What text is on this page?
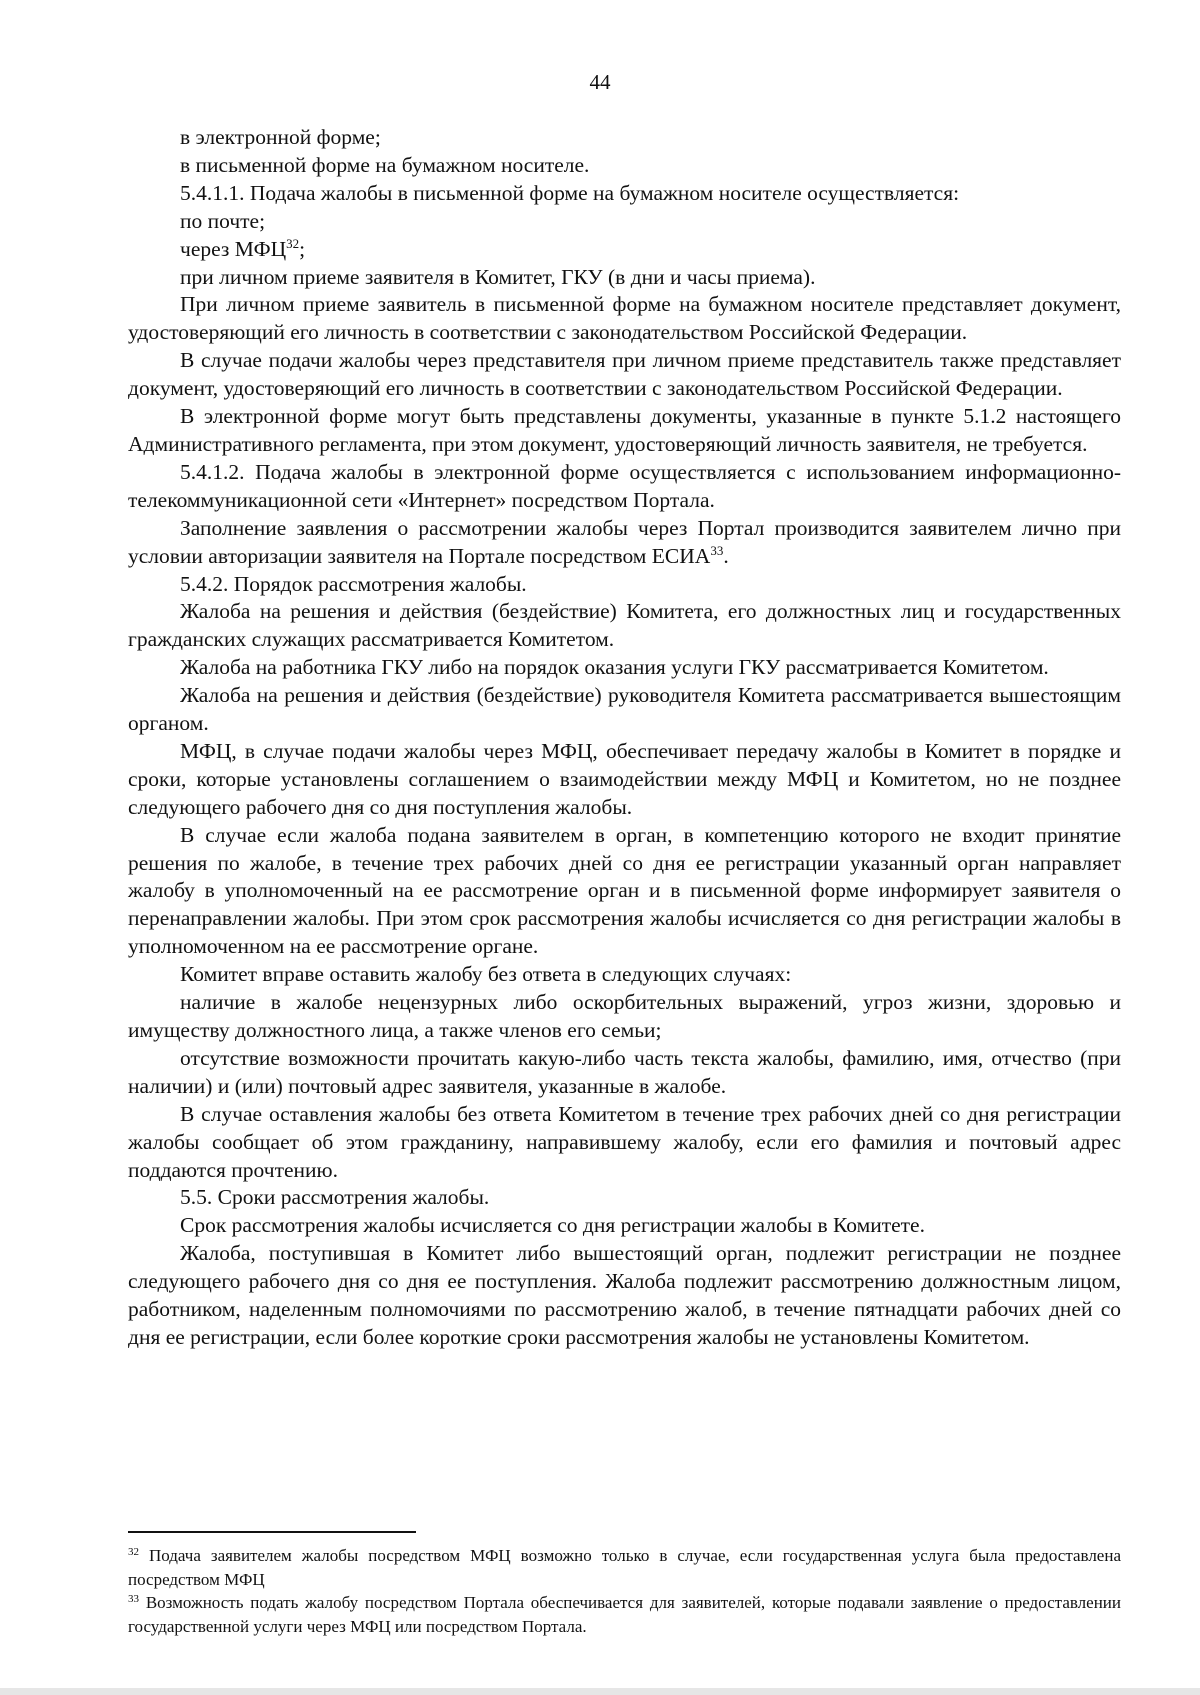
44

в электронной форме;

в письменной форме на бумажном носителе.

5.4.1.1. Подача жалобы в письменной форме на бумажном носителе осуществляется:

по почте;

через МФЦ$^{32}$;

при личном приеме заявителя в Комитет, ГКУ (в дни и часы приема).

При личном приеме заявитель в письменной форме на бумажном носителе представляет документ, удостоверяющий его личность в соответствии с законодательством Российской Федерации.

В случае подачи жалобы через представителя при личном приеме представитель также представляет документ, удостоверяющий его личность в соответствии с законодательством Российской Федерации.

В электронной форме могут быть представлены документы, указанные в пункте 5.1.2 настоящего Административного регламента, при этом документ, удостоверяющий личность заявителя, не требуется.

5.4.1.2. Подача жалобы в электронной форме осуществляется с использованием информационно-телекоммуникационной сети «Интернет» посредством Портала.

Заполнение заявления о рассмотрении жалобы через Портал производится заявителем лично при условии авторизации заявителя на Портале посредством ЕСИА$^{33}$.

5.4.2. Порядок рассмотрения жалобы.

Жалоба на решения и действия (бездействие) Комитета, его должностных лиц и государственных гражданских служащих рассматривается Комитетом.

Жалоба на работника ГКУ либо на порядок оказания услуги ГКУ рассматривается Комитетом.

Жалоба на решения и действия (бездействие) руководителя Комитета рассматривается вышестоящим органом.

МФЦ, в случае подачи жалобы через МФЦ, обеспечивает передачу жалобы в Комитет в порядке и сроки, которые установлены соглашением о взаимодействии между МФЦ и Комитетом, но не позднее следующего рабочего дня со дня поступления жалобы.

В случае если жалоба подана заявителем в орган, в компетенцию которого не входит принятие решения по жалобе, в течение трех рабочих дней со дня ее регистрации указанный орган направляет жалобу в уполномоченный на ее рассмотрение орган и в письменной форме информирует заявителя о перенаправлении жалобы. При этом срок рассмотрения жалобы исчисляется со дня регистрации жалобы в уполномоченном на ее рассмотрение органе.

Комитет вправе оставить жалобу без ответа в следующих случаях:

наличие в жалобе нецензурных либо оскорбительных выражений, угроз жизни, здоровью и имуществу должностного лица, а также членов его семьи;

отсутствие возможности прочитать какую-либо часть текста жалобы, фамилию, имя, отчество (при наличии) и (или) почтовый адрес заявителя, указанные в жалобе.

В случае оставления жалобы без ответа Комитетом в течение трех рабочих дней со дня регистрации жалобы сообщает об этом гражданину, направившему жалобу, если его фамилия и почтовый адрес поддаются прочтению.

5.5. Сроки рассмотрения жалобы.

Срок рассмотрения жалобы исчисляется со дня регистрации жалобы в Комитете.

Жалоба, поступившая в Комитет либо вышестоящий орган, подлежит регистрации не позднее следующего рабочего дня со дня ее поступления. Жалоба подлежит рассмотрению должностным лицом, работником, наделенным полномочиями по рассмотрению жалоб, в течение пятнадцати рабочих дней со дня ее регистрации, если более короткие сроки рассмотрения жалобы не установлены Комитетом.

$^{32}$ Подача заявителем жалобы посредством МФЦ возможно только в случае, если государственная услуга была предоставлена посредством МФЦ

$^{33}$ Возможность подать жалобу посредством Портала обеспечивается для заявителей, которые подавали заявление о предоставлении государственной услуги через МФЦ или посредством Портала.
